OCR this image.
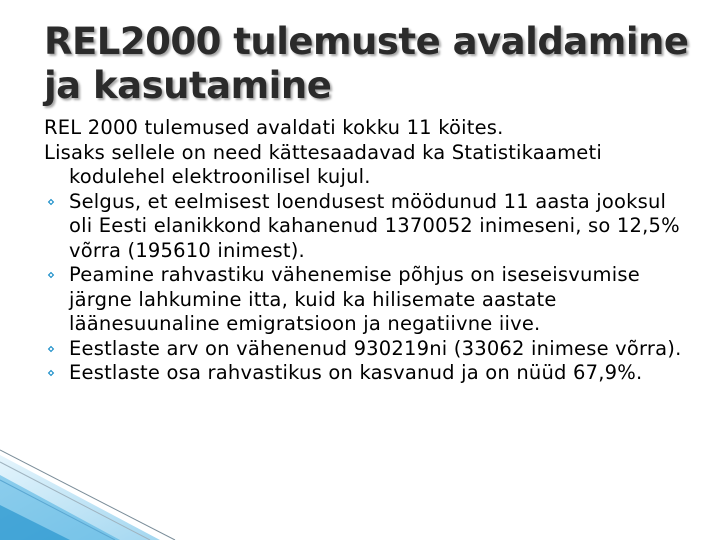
REL2000 tulemuste avaldamine ja kasutamine

REL 2000 tulemused avaldati kokku 11 köites.

Lisaks sellele on need kättesaadavad ka Statistikaameti kodulehel elektroonilisel kujul.

Selgus, et eelmisest loendusest möödunud 11 aasta jooksul oli Eesti elanikkond kahanenud 1370052 inimeseni, so 12,5% võrra (195610 inimest).
Peamine rahvastiku vähenemise põhjus on iseseisvumise järgne lahkumine itta, kuid ka hilisemate aastate läänesuunaline emigratsioon ja negatiivne iive.
Eestlaste arv on vähenenud 930219ni (33062 inimese võrra).
Eestlaste osa rahvastikus on kasvanud ja on nüüd 67,9%.
